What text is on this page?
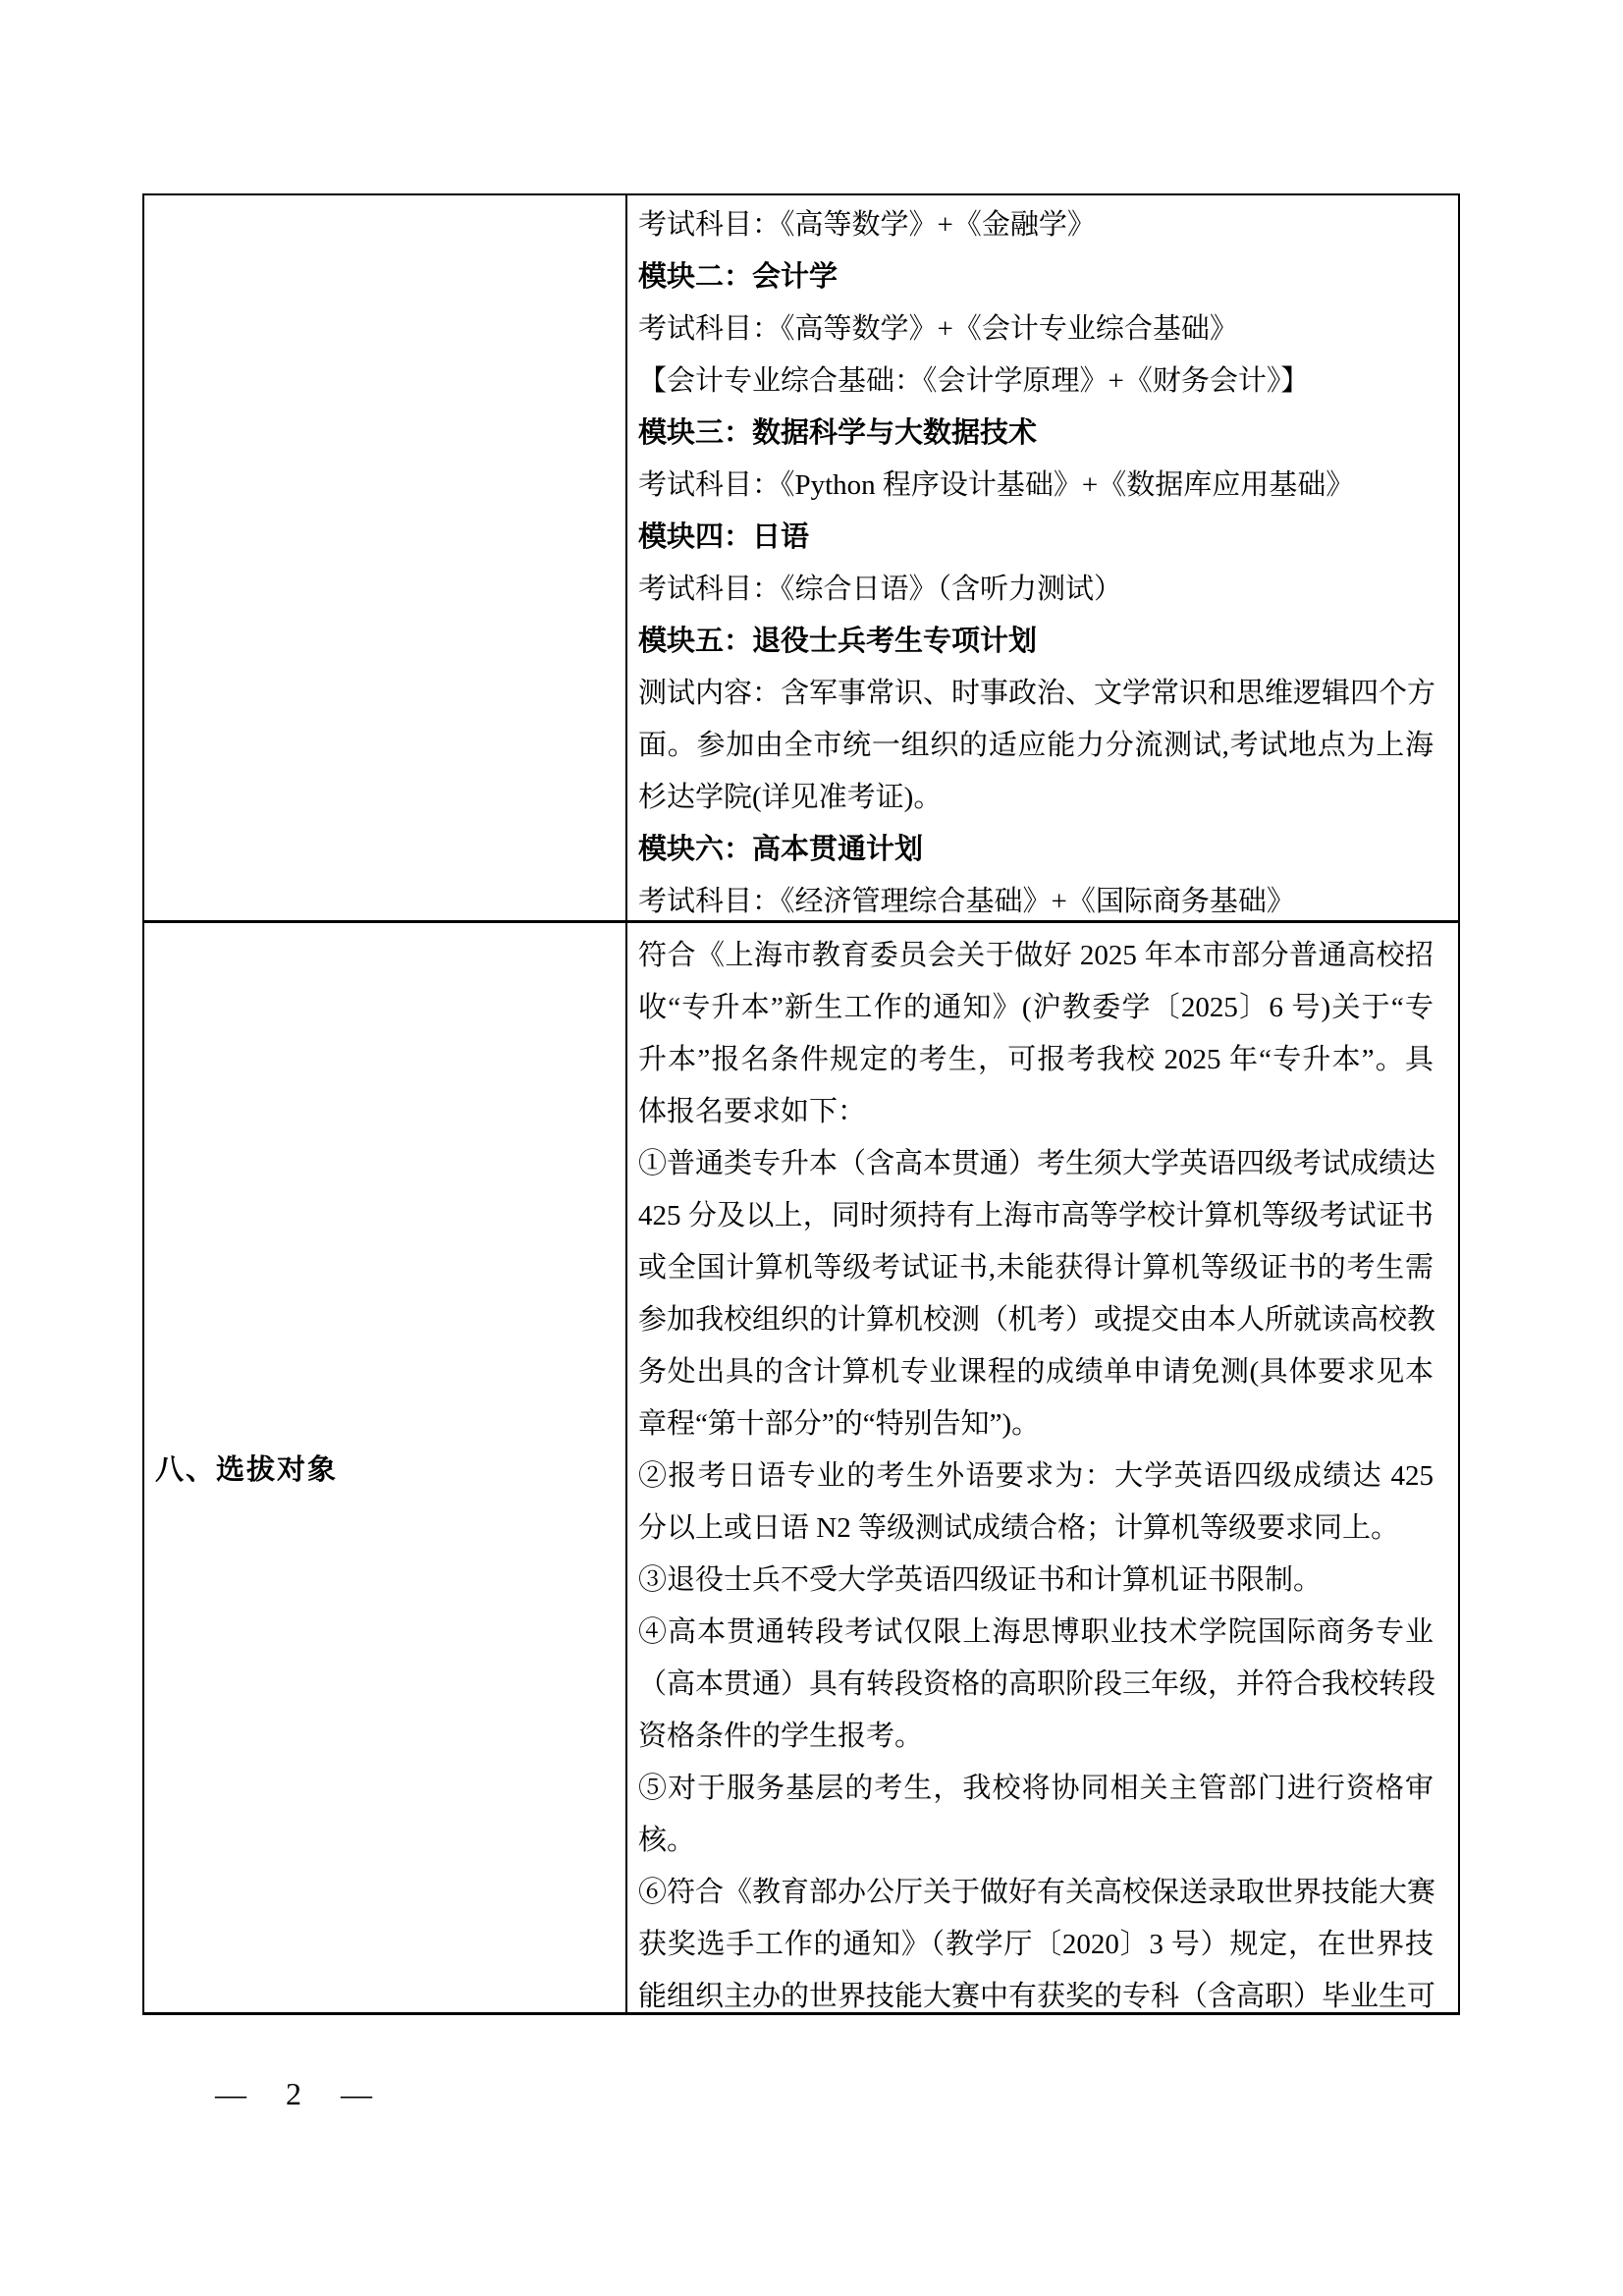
考试科目：《高等数学》+《金融学》
模块二：会计学
考试科目：《高等数学》+《会计专业综合基础》
【会计专业综合基础：《会计学原理》+《财务会计》】
模块三：数据科学与大数据技术
考试科目：《Python 程序设计基础》+《数据库应用基础》
模块四：日语
考试科目：《综合日语》（含听力测试）
模块五：退役士兵考生专项计划
测试内容：含军事常识、时事政治、文学常识和思维逻辑四个方
面。参加由全市统一组织的适应能力分流测试,考试地点为上海
杉达学院(详见准考证)。
模块六：高本贯通计划
考试科目：《经济管理综合基础》+《国际商务基础》
八、选拔对象
符合《上海市教育委员会关于做好 2025 年本市部分普通高校招
收“专升本”新生工作的通知》(沪教委学〔2025〕6 号)关于“专
升本”报名条件规定的考生，可报考我校 2025 年“专升本”。具
体报名要求如下：
①普通类专升本（含高本贯通）考生须大学英语四级考试成绩达
425 分及以上，同时须持有上海市高等学校计算机等级考试证书
或全国计算机等级考试证书,未能获得计算机等级证书的考生需
参加我校组织的计算机校测（机考）或提交由本人所就读高校教
务处出具的含计算机专业课程的成绩单申请免测(具体要求见本
章程“第十部分”的“特别告知”)。
②报考日语专业的考生外语要求为：大学英语四级成绩达 425
分以上或日语 N2 等级测试成绩合格；计算机等级要求同上。
③退役士兵不受大学英语四级证书和计算机证书限制。
④高本贯通转段考试仅限上海思博职业技术学院国际商务专业
（高本贯通）具有转段资格的高职阶段三年级，并符合我校转段
资格条件的学生报考。
⑤对于服务基层的考生，我校将协同相关主管部门进行资格审
核。
⑥符合《教育部办公厅关于做好有关高校保送录取世界技能大赛
获奖选手工作的通知》（教学厅〔2020〕3 号）规定，在世界技
能组织主办的世界技能大赛中有获奖的专科（含高职）毕业生可
— 2 —
